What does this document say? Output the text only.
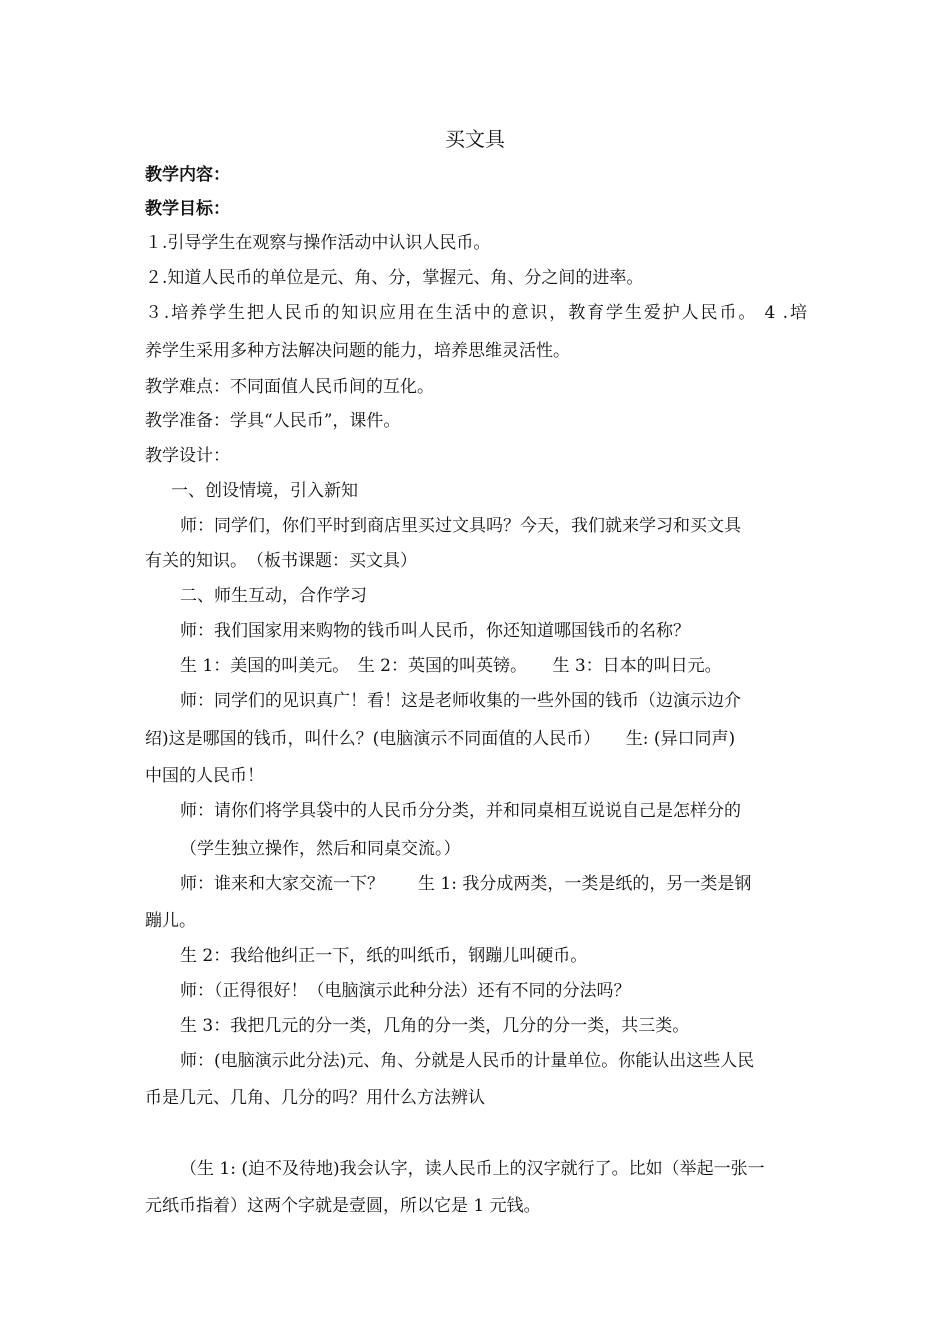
买文具
教学内容：
教学目标：
１.引导学生在观察与操作活动中认识人民币。
２.知道人民币的单位是元、角、分，掌握元、角、分之间的进率。
３.培养学生把人民币的知识应用在生活中的意识，教育学生爱护人民币。 4 .培
养学生采用多种方法解决问题的能力，培养思维灵活性。
教学难点：不同面值人民币间的互化。
教学准备：学具“人民币”，课件。
教学设计：
一、创设情境，引入新知
师：同学们，你们平时到商店里买过文具吗？今天，我们就来学习和买文具
有关的知识。　（板书课题：买文具）
二、师生互动，合作学习
师：我们国家用来购物的钱币叫人民币，你还知道哪国钱币的名称？
生 1：美国的叫美元。　生 2：英国的叫英镑。　　生 3：日本的叫日元。
师：同学们的见识真广！看！这是老师收集的一些外国的钱币（边演示边介
绍)这是哪国的钱币，叫什么？(电脑演示不同面值的人民币）　　生: (异口同声)
中国的人民币！
师：请你们将学具袋中的人民币分分类，并和同桌相互说说自己是怎样分的
（学生独立操作，然后和同桌交流。）
师：谁来和大家交流一下？　　生 1: 我分成两类，一类是纸的，另一类是钢
蹦儿。
生 2：我给他纠正一下，纸的叫纸币，钢蹦儿叫硬币。
师：（正得很好！（电脑演示此种分法）还有不同的分法吗？
生 3：我把几元的分一类，几角的分一类，几分的分一类，共三类。
师：(电脑演示此分法)元、角、分就是人民币的计量单位。你能认出这些人民
币是几元、几角、几分的吗？用什么方法辨认
（生 1: (迫不及待地)我会认字，读人民币上的汉字就行了。比如（举起一张一
元纸币指着）这两个字就是壹圆，所以它是 1 元钱。
